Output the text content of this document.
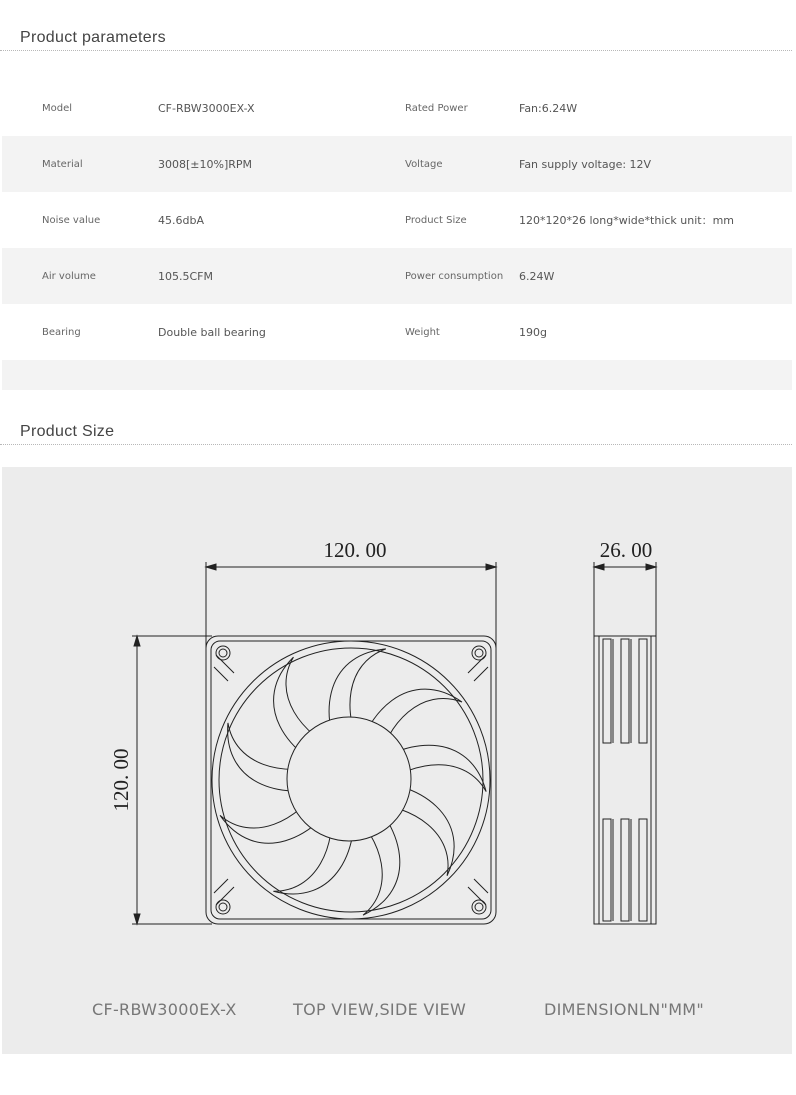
Product parameters
Model	CF-RBW3000EX-X	Rated Power	Fan:6.24W
Material	3008[±10%]RPM	Voltage	Fan supply voltage: 12V
Noise value	45.6dbA	Product Size	120*120*26 long*wide*thick unit：mm
Air volume	105.5CFM	Power consumption 6.24W
Bearing	Double ball bearing	Weight	190g
Product Size
120. 00	26. 00
120. 00
CF-RBW3000EX-X	TOP VIEW,SIDE VIEW	DIMENSIONLN"MM"
